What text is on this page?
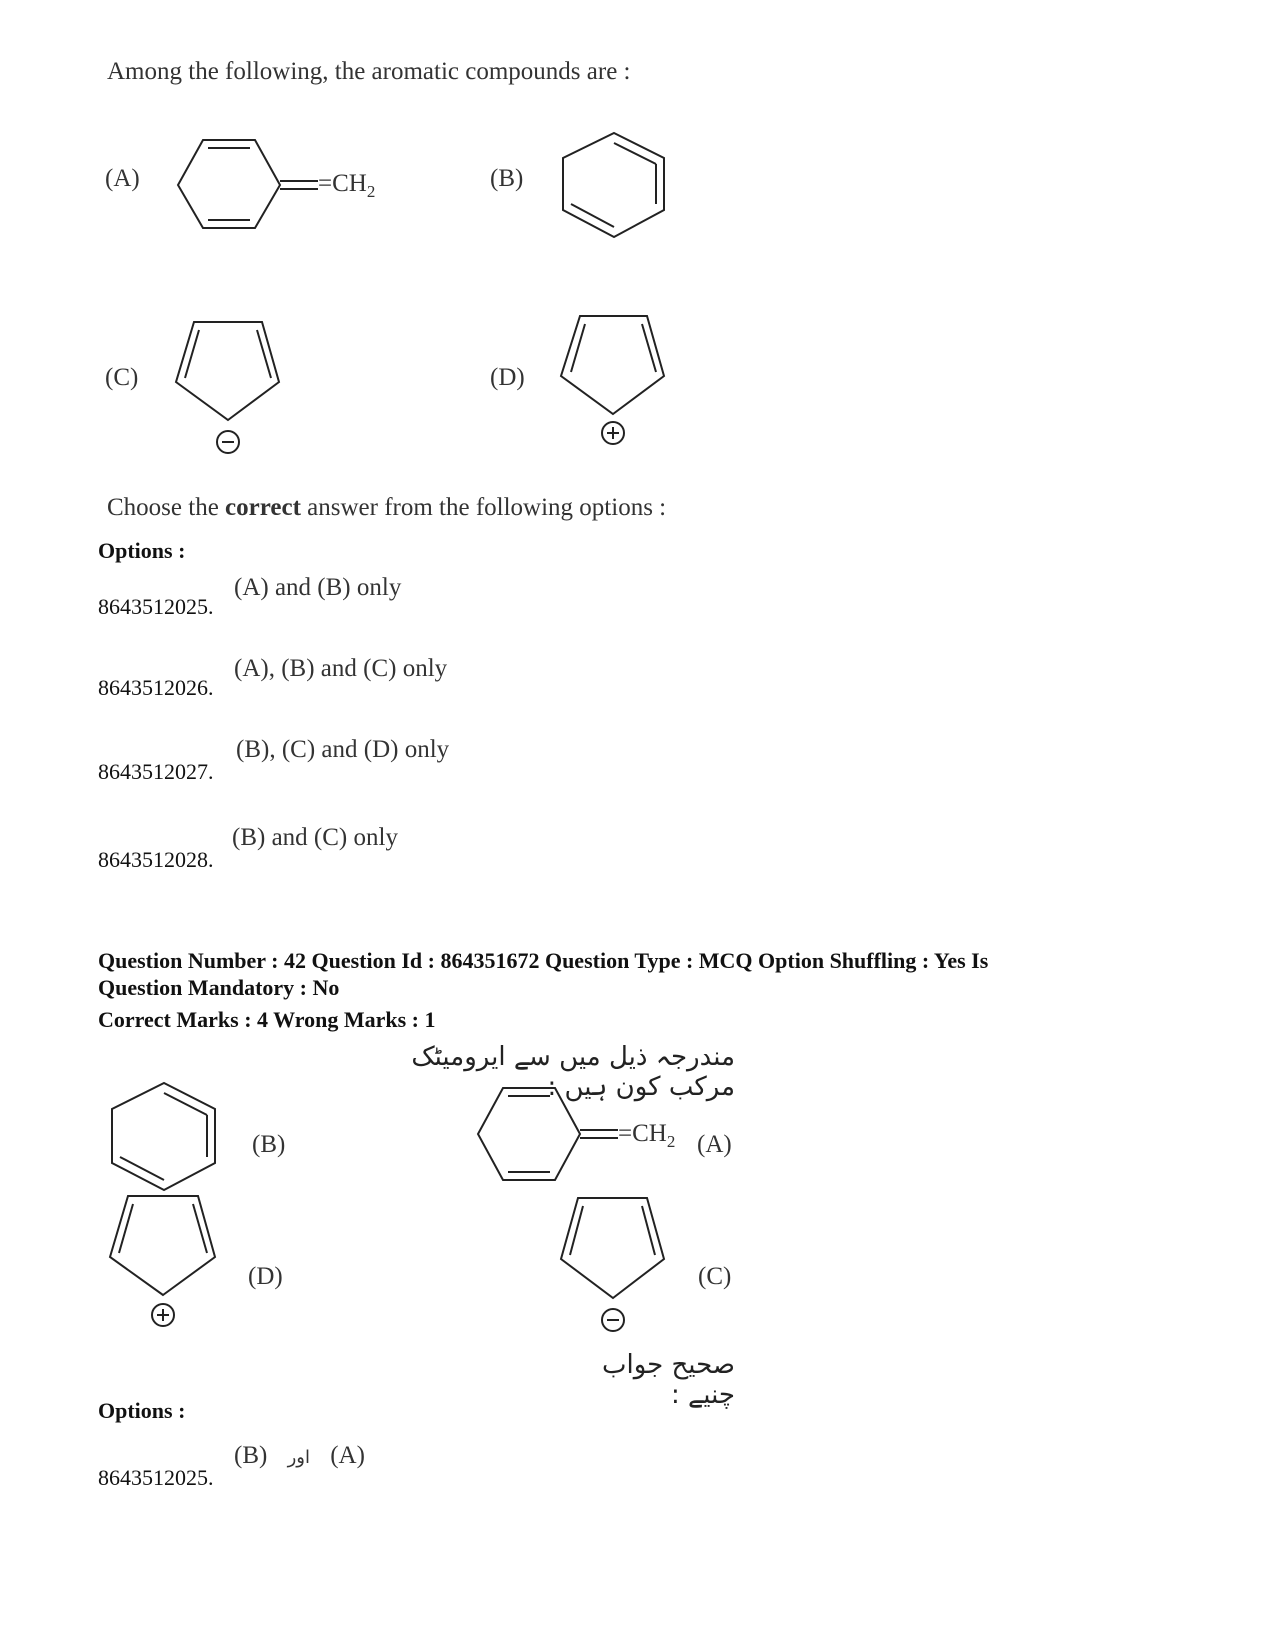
Among the following, the aromatic compounds are :
(A)	$=CH_2$	(B)
(C)	(D)
Choose the correct answer from the following options :
Options :
(A) and (B) only
8643512025.
(A), (B) and (C) only
8643512026.
(B), (C) and (D) only
8643512027.
(B) and (C) only
8643512028.
Question Number : 42 Question Id : 864351672 Question Type : MCQ Option Shuffling : Yes Is
Question Mandatory : No
Correct Marks : 4 Wrong Marks : 1
مندرجہ ذیل میں سے ایرومیٹک مرکب کون ہیں :
(B)	$=CH_2$ (A)
(D)	(C)
صحیح جواب چنیے :
Options :
(B) اور (A)
8643512025.
